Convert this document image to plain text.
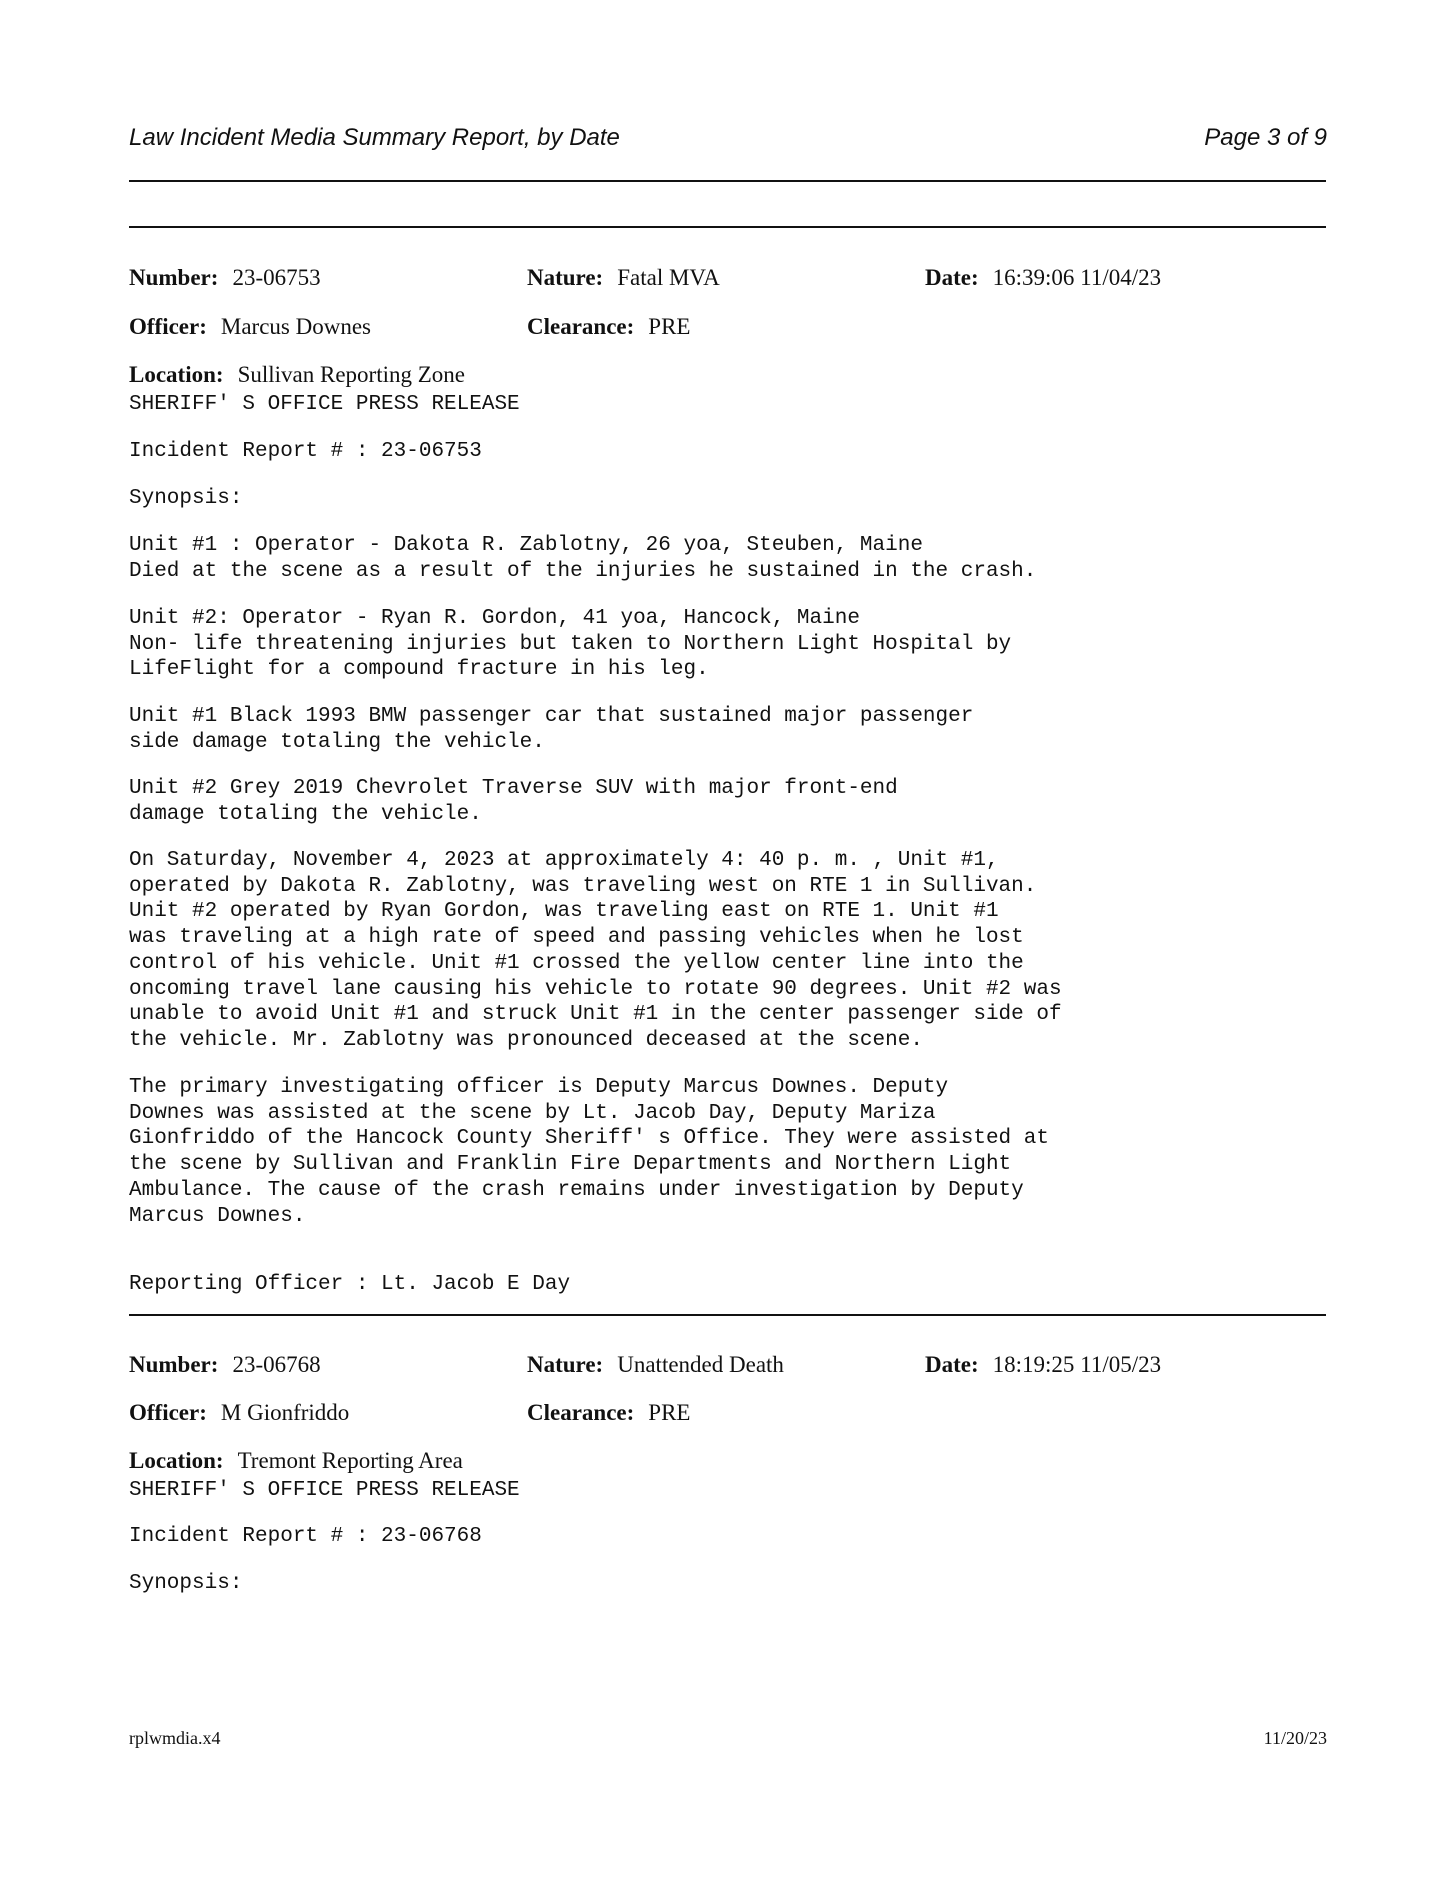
Law Incident Media Summary Report, by Date	Page 3 of 9
Number: 23-06753	Nature: Fatal MVA	Date: 16:39:06 11/04/23
Officer: Marcus Downes	Clearance: PRE
Location: Sullivan Reporting Zone
SHERIFF' S OFFICE PRESS RELEASE
Incident Report # : 23-06753
Synopsis:
Unit #1 : Operator - Dakota R. Zablotny, 26 yoa, Steuben, Maine
Died at the scene as a result of the injuries he sustained in the crash.
Unit #2: Operator - Ryan R. Gordon, 41 yoa, Hancock, Maine
Non- life threatening injuries but taken to Northern Light Hospital by
LifeFlight for a compound fracture in his leg.
Unit #1 Black 1993 BMW passenger car that sustained major passenger
side damage totaling the vehicle.
Unit #2 Grey 2019 Chevrolet Traverse SUV with major front-end
damage totaling the vehicle.
On Saturday, November 4, 2023 at approximately 4: 40 p. m. , Unit #1,
operated by Dakota R. Zablotny, was traveling west on RTE 1 in Sullivan.
Unit #2 operated by Ryan Gordon, was traveling east on RTE 1. Unit #1
was traveling at a high rate of speed and passing vehicles when he lost
control of his vehicle. Unit #1 crossed the yellow center line into the
oncoming travel lane causing his vehicle to rotate 90 degrees. Unit #2 was
unable to avoid Unit #1 and struck Unit #1 in the center passenger side of
the vehicle. Mr. Zablotny was pronounced deceased at the scene.
The primary investigating officer is Deputy Marcus Downes. Deputy
Downes was assisted at the scene by Lt. Jacob Day, Deputy Mariza
Gionfriddo of the Hancock County Sheriff' s Office. They were assisted at
the scene by Sullivan and Franklin Fire Departments and Northern Light
Ambulance. The cause of the crash remains under investigation by Deputy
Marcus Downes.
Reporting Officer : Lt. Jacob E Day
Number: 23-06768	Nature: Unattended Death	Date: 18:19:25 11/05/23
Officer: M Gionfriddo	Clearance: PRE
Location: Tremont Reporting Area
SHERIFF' S OFFICE PRESS RELEASE
Incident Report # : 23-06768
Synopsis:
rplwmdia.x4	11/20/23
